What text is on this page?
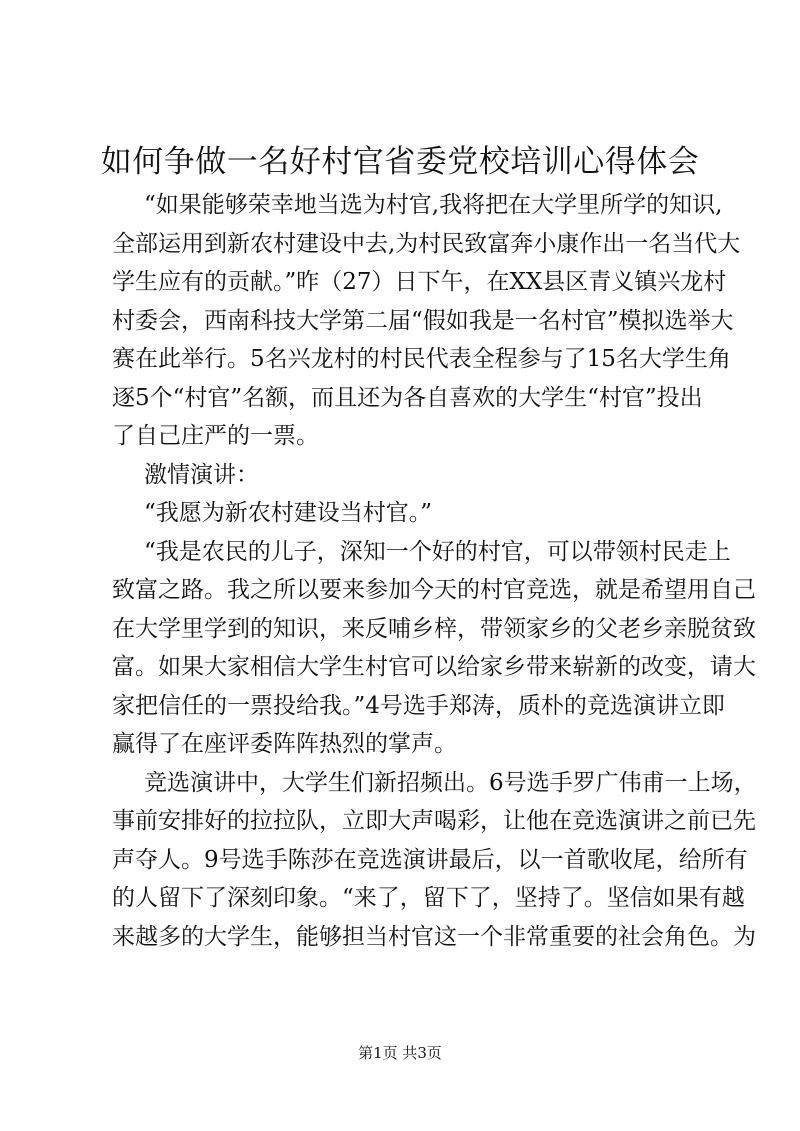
如何争做一名好村官省委党校培训心得体会
“如果能够荣幸地当选为村官,我将把在大学里所学的知识,
全部运用到新农村建设中去,为村民致富奔小康作出一名当代大
学生应有的贡献。”昨（27）日下午，在XX县区青义镇兴龙村
村委会，西南科技大学第二届“假如我是一名村官”模拟选举大
赛在此举行。5名兴龙村的村民代表全程参与了15名大学生角
逐5个“村官”名额，而且还为各自喜欢的大学生“村官”投出
了自己庄严的一票。
激情演讲：
“我愿为新农村建设当村官。”
“我是农民的儿子，深知一个好的村官，可以带领村民走上
致富之路。我之所以要来参加今天的村官竞选，就是希望用自己
在大学里学到的知识，来反哺乡梓，带领家乡的父老乡亲脱贫致
富。如果大家相信大学生村官可以给家乡带来崭新的改变，请大
家把信任的一票投给我。”4号选手郑涛，质朴的竞选演讲立即
赢得了在座评委阵阵热烈的掌声。
竞选演讲中，大学生们新招频出。6号选手罗广伟甫一上场，
事前安排好的拉拉队，立即大声喝彩，让他在竞选演讲之前已先
声夺人。9号选手陈莎在竞选演讲最后，以一首歌收尾，给所有
的人留下了深刻印象。“来了，留下了，坚持了。坚信如果有越
来越多的大学生，能够担当村官这一个非常重要的社会角色。为
第1页 共3页
